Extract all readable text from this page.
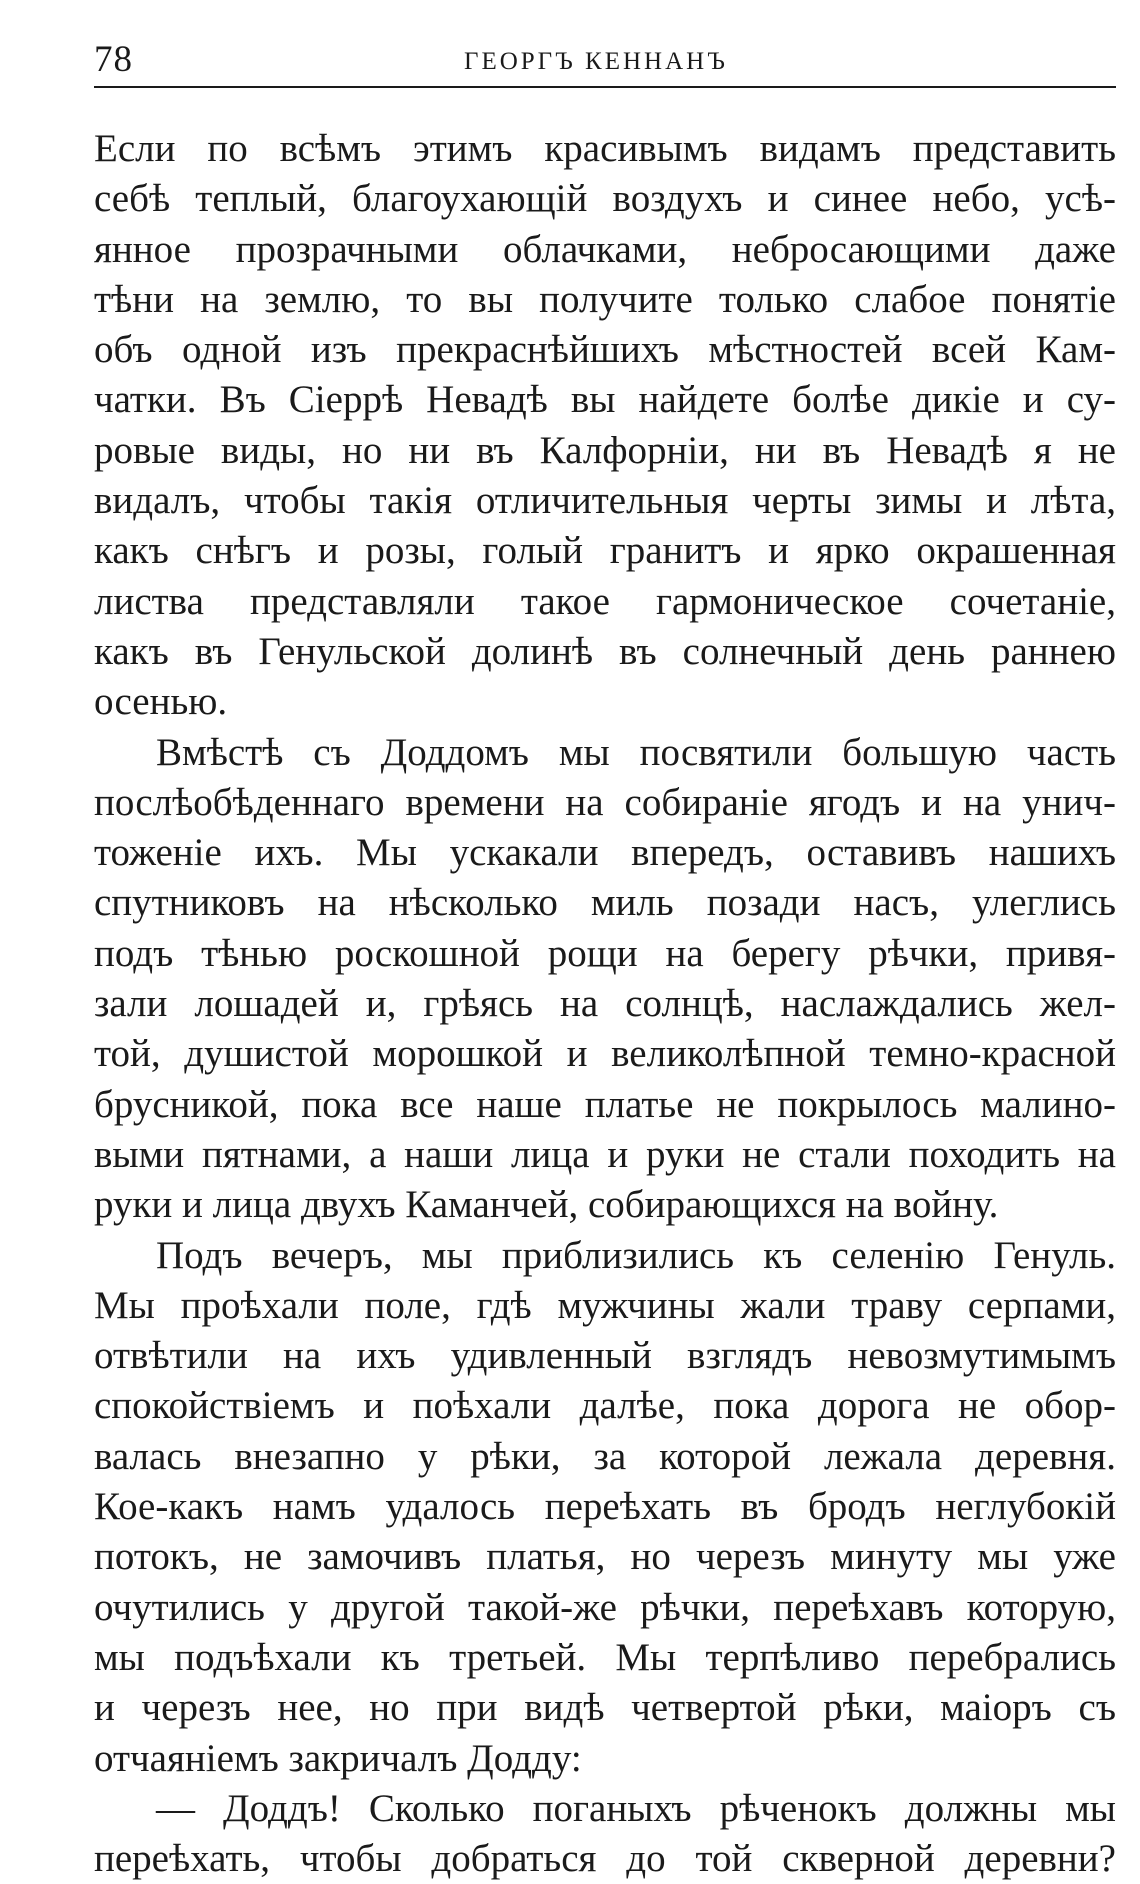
78	ГЕОРГЪ КЕННАНЪ
Если по всѣмъ этимъ красивымъ видамъ представить
себѣ теплый, благоухающій воздухъ и синее небо, усѣ-
янное прозрачными облачками, небросающими даже
тѣни на землю, то вы получите только слабое понятіе
объ одной изъ прекраснѣйшихъ мѣстностей всей Кам-
чатки. Въ Сіеррѣ Невадѣ вы найдете болѣе дикіе и су-
ровые виды, но ни въ Калфорніи, ни въ Невадѣ я не
видалъ, чтобы такія отличительныя черты зимы и лѣта,
какъ снѣгъ и розы, голый гранитъ и ярко окрашенная
листва представляли такое гармоническое сочетаніе,
какъ въ Генульской долинѣ въ солнечный день раннею
осенью.
Вмѣстѣ съ Доддомъ мы посвятили большую часть
послѣобѣденнаго времени на собираніе ягодъ и на унич-
тоженіе ихъ. Мы ускакали впередъ, оставивъ нашихъ
спутниковъ на нѣсколько миль позади насъ, улеглись
подъ тѣнью роскошной рощи на берегу рѣчки, привя-
зали лошадей и, грѣясь на солнцѣ, наслаждались жел-
той, душистой морошкой и великолѣпной темно-красной
брусникой, пока все наше платье не покрылось малино-
выми пятнами, а наши лица и руки не стали походить на
руки и лица двухъ Каманчей, собирающихся на войну.
Подъ вечеръ, мы приблизились къ селенію Генуль.
Мы проѣхали поле, гдѣ мужчины жали траву серпами,
отвѣтили на ихъ удивленный взглядъ невозмутимымъ
спокойствіемъ и поѣхали далѣе, пока дорога не обор-
валась внезапно у рѣки, за которой лежала деревня.
Кое-какъ намъ удалось переѣхать въ бродъ неглубокій
потокъ, не замочивъ платья, но черезъ минуту мы уже
очутились у другой такой-же рѣчки, переѣхавъ которую,
мы подъѣхали къ третьей. Мы терпѣливо перебрались
и черезъ нее, но при видѣ четвертой рѣки, маіоръ съ
отчаяніемъ закричалъ Додду:
— Доддъ! Сколько поганыхъ рѣченокъ должны мы
переѣхать, чтобы добраться до той скверной деревни?
